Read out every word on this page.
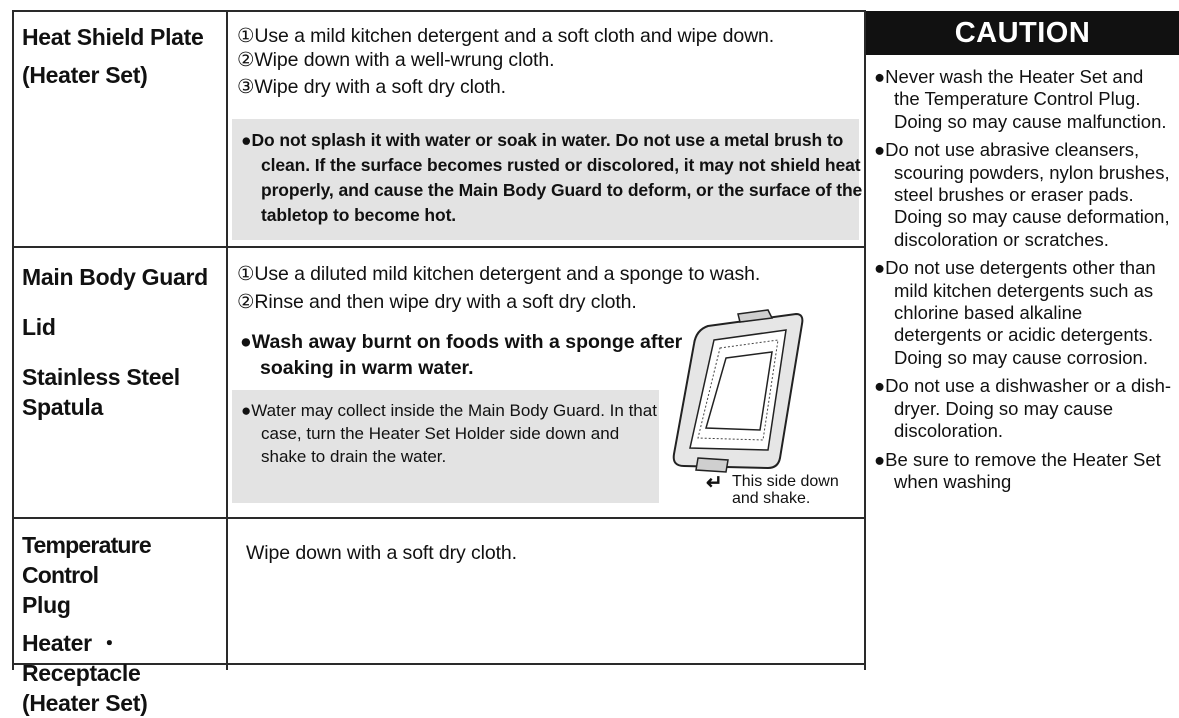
Heat Shield Plate
(Heater Set)
①Use a mild kitchen detergent and a soft cloth and wipe down.
②Wipe down with a well-wrung cloth.
③Wipe dry with a soft dry cloth.
●Do not splash it with water or soak in water. Do not use a metal brush to clean. If the surface becomes rusted or discolored, it may not shield heat properly, and cause the Main Body Guard to deform, or the surface of the tabletop to become hot.
Main Body Guard
Lid
Stainless Steel
Spatula
①Use a diluted mild kitchen detergent and a sponge to wash.
②Rinse and then wipe dry with a soft dry cloth.
●Wash away burnt on foods with a sponge after soaking in warm water.
●Water may collect inside the Main Body Guard. In that case, turn the Heater Set Holder side down and shake to drain the water.
↵ This side down
and shake.
Temperature Control
Plug
Heater ・ Receptacle
(Heater Set)
Wipe down with a soft dry cloth.
CAUTION
●Never wash the Heater Set and the Temperature Control Plug. Doing so may cause malfunction.
●Do not use abrasive cleansers, scouring powders, nylon brushes, steel brushes or eraser pads. Doing so may cause deformation, discoloration or scratches.
●Do not use detergents other than mild kitchen detergents such as chlorine based alkaline detergents or acidic detergents. Doing so may cause corrosion.
●Do not use a dishwasher or a dish-dryer. Doing so may cause discoloration.
●Be sure to remove the Heater Set when washing
